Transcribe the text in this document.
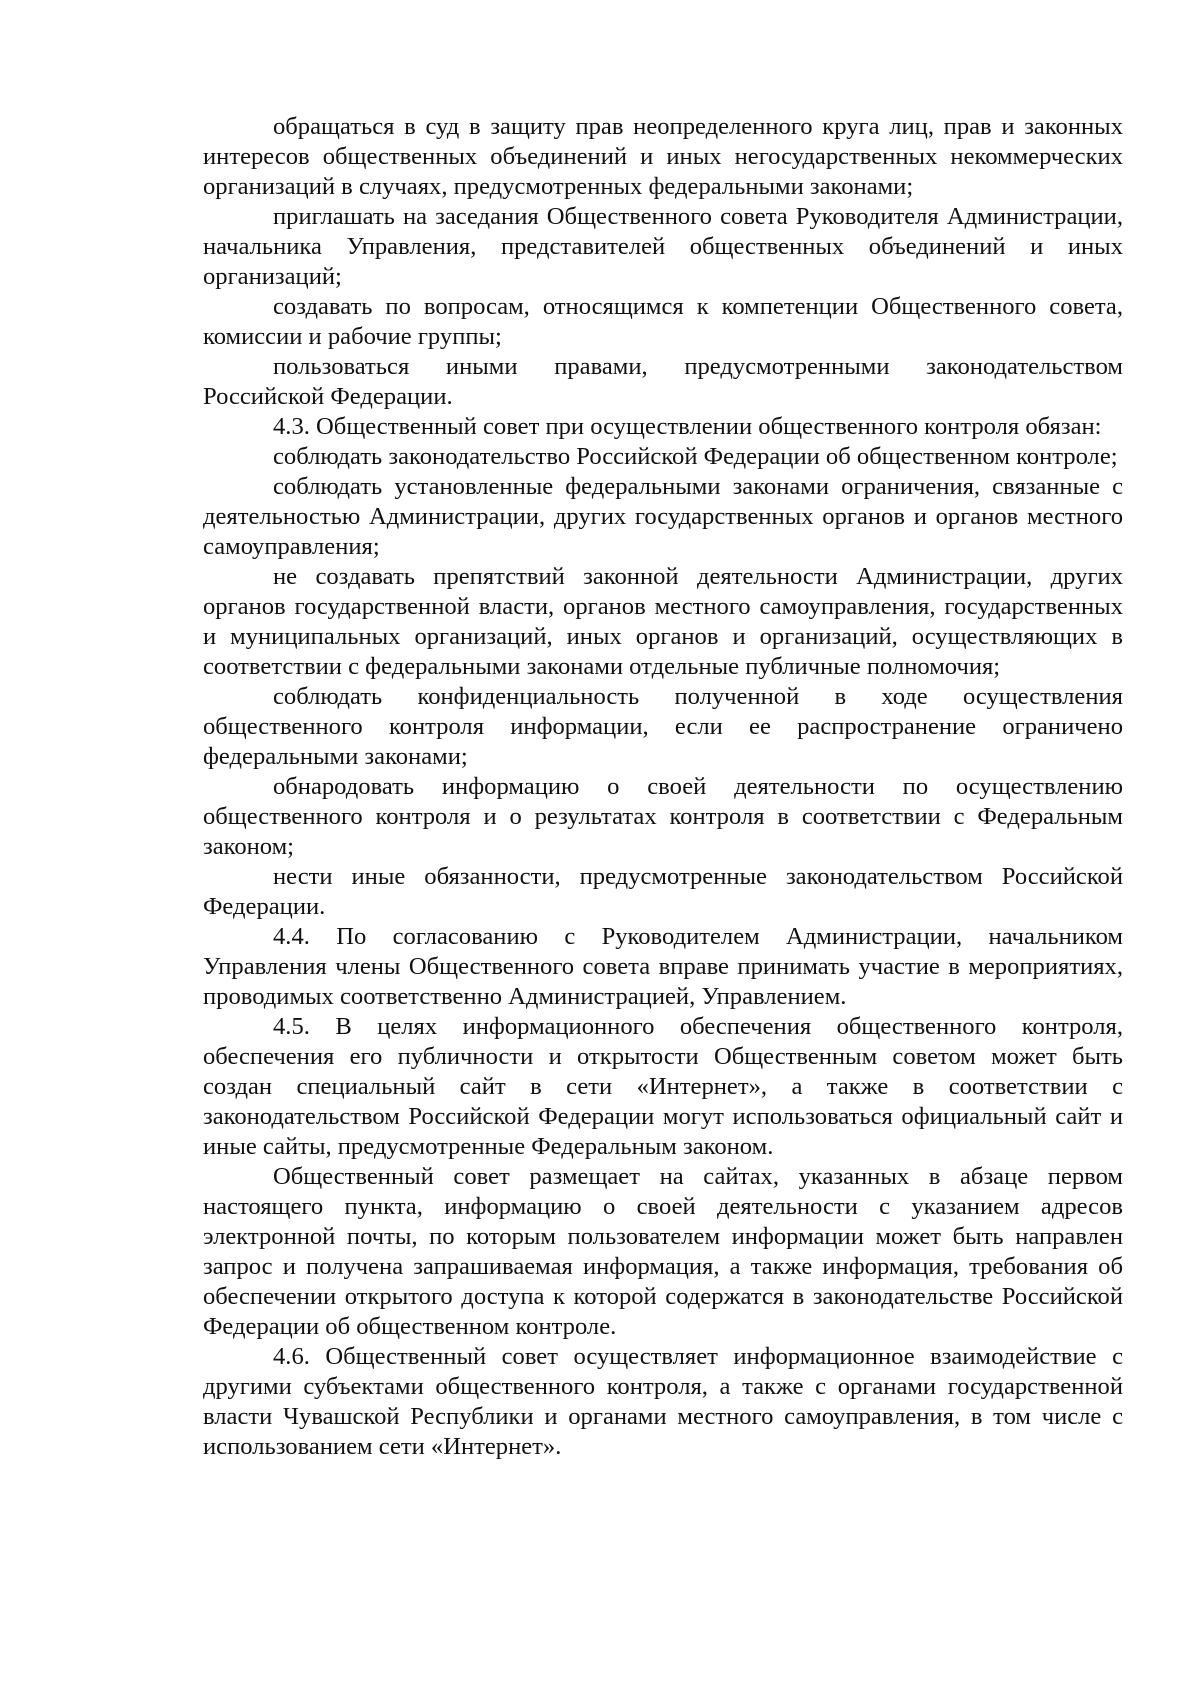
обращаться в суд в защиту прав неопределенного круга лиц, прав и законных интересов общественных объединений и иных негосударственных некоммерческих организаций в случаях, предусмотренных федеральными законами;

приглашать на заседания Общественного совета Руководителя Администрации, начальника Управления, представителей общественных объединений и иных организаций;

создавать по вопросам, относящимся к компетенции Общественного совета, комиссии и рабочие группы;

пользоваться иными правами, предусмотренными законодательством Российской Федерации.

4.3. Общественный совет при осуществлении общественного контроля обязан:

соблюдать законодательство Российской Федерации об общественном контроле;

соблюдать установленные федеральными законами ограничения, связанные с деятельностью Администрации, других государственных органов и органов местного самоуправления;

не создавать препятствий законной деятельности Администрации, других органов государственной власти, органов местного самоуправления, государственных и муниципальных организаций, иных органов и организаций, осуществляющих в соответствии с федеральными законами отдельные публичные полномочия;

соблюдать конфиденциальность полученной в ходе осуществления общественного контроля информации, если ее распространение ограничено федеральными законами;

обнародовать информацию о своей деятельности по осуществлению общественного контроля и о результатах контроля в соответствии с Федеральным законом;

нести иные обязанности, предусмотренные законодательством Российской Федерации.

4.4. По согласованию с Руководителем Администрации, начальником Управления члены Общественного совета вправе принимать участие в мероприятиях, проводимых соответственно Администрацией, Управлением.

4.5. В целях информационного обеспечения общественного контроля, обеспечения его публичности и открытости Общественным советом может быть создан специальный сайт в сети «Интернет», а также в соответствии с законодательством Российской Федерации могут использоваться официальный сайт и иные сайты, предусмотренные Федеральным законом.

Общественный совет размещает на сайтах, указанных в абзаце первом настоящего пункта, информацию о своей деятельности с указанием адресов электронной почты, по которым пользователем информации может быть направлен запрос и получена запрашиваемая информация, а также информация, требования об обеспечении открытого доступа к которой содержатся в законодательстве Российской Федерации об общественном контроле.

4.6. Общественный совет осуществляет информационное взаимодействие с другими субъектами общественного контроля, а также с органами государственной власти Чувашской Республики и органами местного самоуправления, в том числе с использованием сети «Интернет».
